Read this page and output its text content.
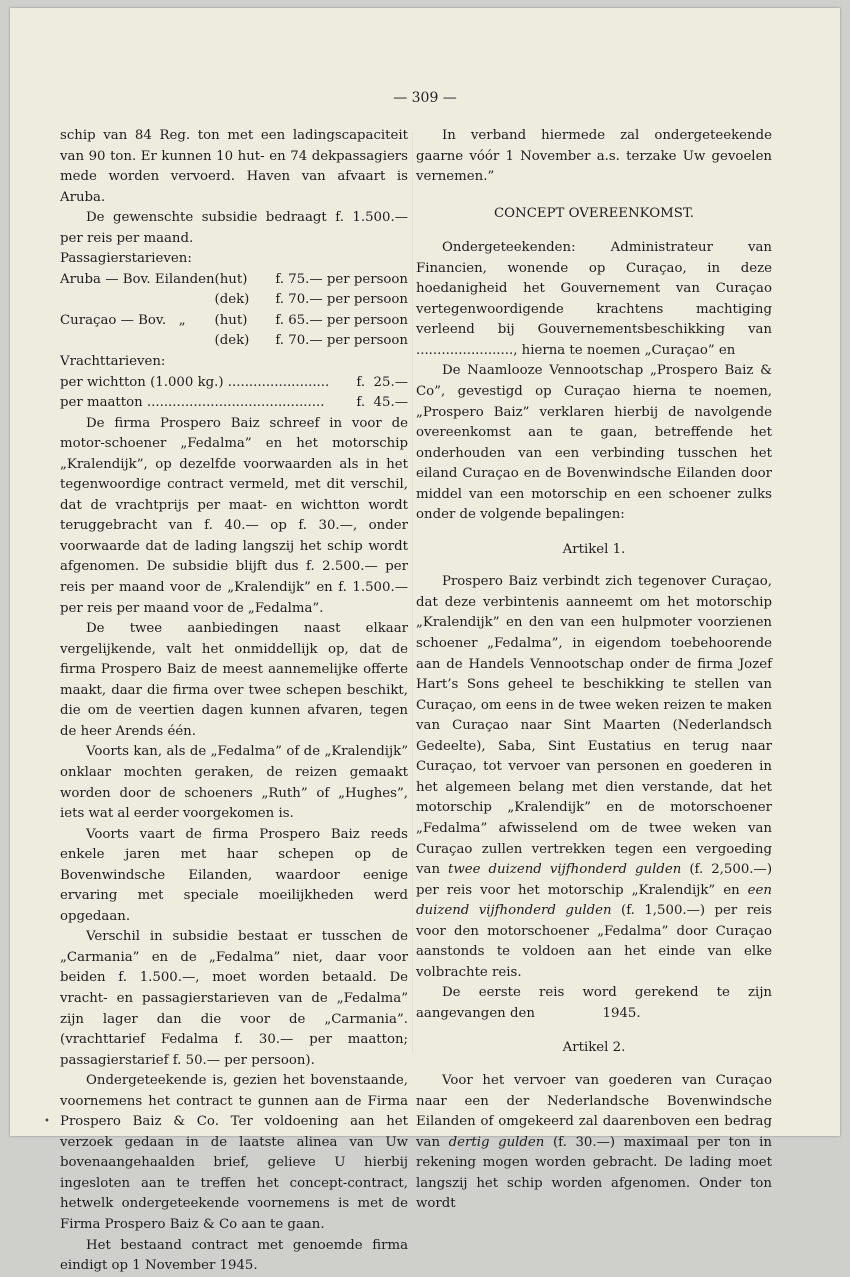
— 309 —

schip van 84 Reg. ton met een ladingscapaciteit van 90 ton. Er kunnen 10 hut- en 74 dekpassagiers mede worden vervoerd. Haven van afvaart is Aruba.

De gewenschte subsidie bedraagt f. 1.500.— per reis per maand.

Passagierstarieven:

Aruba — Bov. Eilanden	(hut)	f. 75.— per persoon
	(dek)	f. 70.— per persoon
Curaçao — Bov.   „	(hut)	f. 65.— per persoon
	(dek)	f. 70.— per persoon

Vrachttarieven:

per wichtton (1.000 kg.) ........................	f.  25.—
per maatton ..........................................	f.  45.—

De firma Prospero Baiz schreef in voor de motor-schoener „Fedalma” en het motorschip „Kralendijk”, op dezelfde voorwaarden als in het tegenwoordige contract vermeld, met dit verschil, dat de vrachtprijs per maat- en wichtton wordt teruggebracht van f. 40.— op f. 30.—, onder voorwaarde dat de lading langszij het schip wordt afgenomen. De subsidie blijft dus f. 2.500.— per reis per maand voor de „Kralendijk” en f. 1.500.— per reis per maand voor de „Fedalma”.

De twee aanbiedingen naast elkaar vergelijkende, valt het onmiddellijk op, dat de firma Prospero Baiz de meest aannemelijke offerte maakt, daar die firma over twee schepen beschikt, die om de veertien dagen kunnen afvaren, tegen de heer Arends één.

Voorts kan, als de „Fedalma” of de „Kralendijk” onklaar mochten geraken, de reizen gemaakt worden door de schoeners „Ruth” of „Hughes”, iets wat al eerder voorgekomen is.

Voorts vaart de firma Prospero Baiz reeds enkele jaren met haar schepen op de Bovenwindsche Eilanden, waardoor eenige ervaring met speciale moeilijkheden werd opgedaan.

Verschil in subsidie bestaat er tusschen de „Carmania” en de „Fedalma” niet, daar voor beiden f. 1.500.—, moet worden betaald. De vracht- en passagierstarieven van de „Fedalma” zijn lager dan die voor de „Carmania”. (vrachttarief Fedalma f. 30.— per maatton; passagierstarief f. 50.— per persoon).

Ondergeteekende is, gezien het bovenstaande, voornemens het contract te gunnen aan de Firma Prospero Baiz & Co. Ter voldoening aan het verzoek gedaan in de laatste alinea van Uw bovenaangehaalden brief, gelieve U hierbij ingesloten aan te treffen het concept-contract, hetwelk ondergeteekende voornemens is met de Firma Prospero Baiz & Co aan te gaan.

Het bestaand contract met genoemde firma eindigt op 1 November 1945.

In verband hiermede zal ondergeteekende gaarne vóór 1 November a.s. terzake Uw gevoelen vernemen.”

CONCEPT OVEREENKOMST.

Ondergeteekenden: Administrateur van Financien, wonende op Curaçao, in deze hoedanigheid het Gouvernement van Curaçao vertegenwoordigende krachtens machtiging verleend bij Gouvernementsbeschikking van ......................., hierna te noemen „Curaçao” en

De Naamlooze Vennootschap „Prospero Baiz & Co”, gevestigd op Curaçao hierna te noemen, „Prospero Baiz” verklaren hierbij de navolgende overeenkomst aan te gaan, betreffende het onderhouden van een verbinding tusschen het eiland Curaçao en de Bovenwindsche Eilanden door middel van een motorschip en een schoener zulks onder de volgende bepalingen:

Artikel 1.

Prospero Baiz verbindt zich tegenover Curaçao, dat deze verbintenis aanneemt om het motorschip „Kralendijk” en den van een hulpmoter voorzienen schoener „Fedalma”, in eigendom toebehoorende aan de Handels Vennootschap onder de firma Jozef Hart’s Sons geheel te beschikking te stellen van Curaçao, om eens in de twee weken reizen te maken van Curaçao naar Sint Maarten (Nederlandsch Gedeelte), Saba, Sint Eustatius en terug naar Curaçao, tot vervoer van personen en goederen in het algemeen belang met dien verstande, dat het motorschip „Kralendijk” en de motorschoener „Fedalma” afwisselend om de twee weken van Curaçao zullen vertrekken tegen een vergoeding van twee duizend vijfhonderd gulden (f. 2,500.—) per reis voor het motorschip „Kralendijk” en een duizend vijfhonderd gulden (f. 1,500.—) per reis voor den motorschoener „Fedalma” door Curaçao aanstonds te voldoen aan het einde van elke volbrachte reis.

De eerste reis word gerekend te zijn aangevangen den                1945.

Artikel 2.

Voor het vervoer van goederen van Curaçao naar een der Nederlandsche Bovenwindsche Eilanden of omgekeerd zal daarenboven een bedrag van dertig gulden (f. 30.—) maximaal per ton in rekening mogen worden gebracht. De lading moet langszij het schip worden afgenomen. Onder ton wordt

•
